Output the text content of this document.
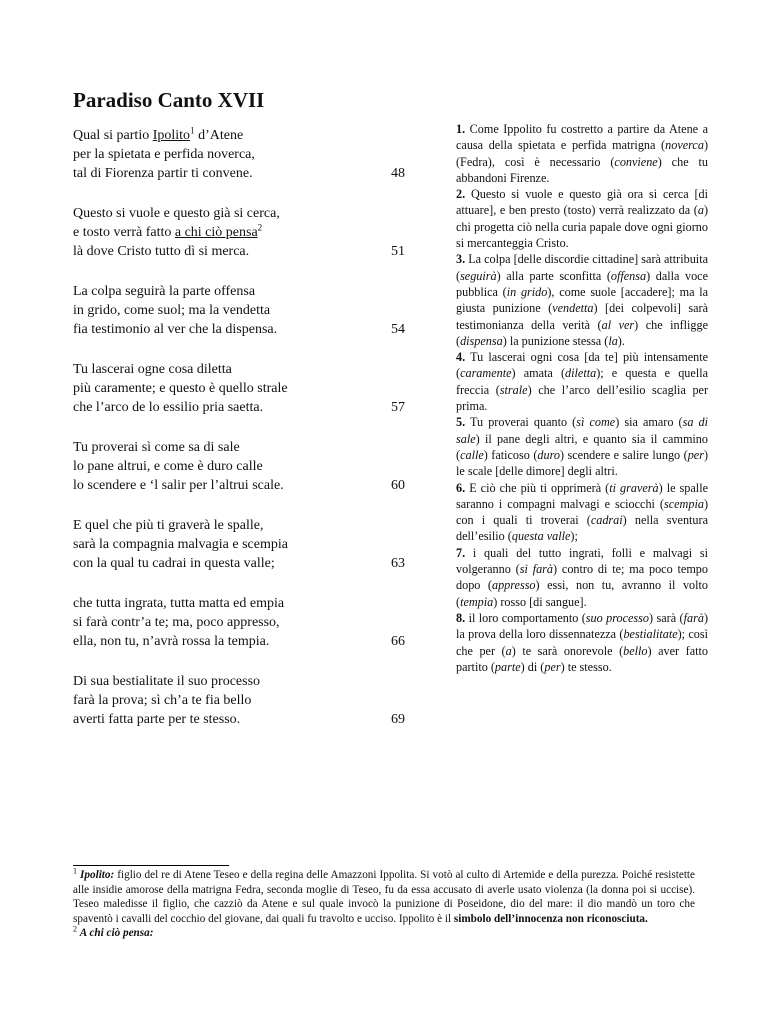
Paradiso Canto XVII
Qual si partio Ipolito$^1$ d’Atene
per la spietata e perfida noverca,
tal di Fiorenza partir ti convene.	48
Questo si vuole e questo già si cerca,
e tosto verrà fatto a chi ciò pensa$^2$
là dove Cristo tutto dì si merca.	51
La colpa seguirà la parte offensa
in grido, come suol; ma la vendetta
fia testimonio al ver che la dispensa.	54
Tu lascerai ogne cosa diletta
più caramente; e questo è quello strale
che l’arco de lo essilio pria saetta.	57
Tu proverai sì come sa di sale
lo pane altrui, e come è duro calle
lo scendere e ‘l salir per l’altrui scale.	60
E quel che più ti graverà le spalle,
sarà la compagnia malvagia e scempia
con la qual tu cadrai in questa valle;	63
che tutta ingrata, tutta matta ed empia
si farà contr’a te; ma, poco appresso,
ella, non tu, n’avrà rossa la tempia.	66
Di sua bestialitate il suo processo
farà la prova; sì ch’a te fia bello
averti fatta parte per te stesso.	69

1. Come Ippolito fu costretto a partire da Atene a causa della spietata e perfida matrigna (noverca) (Fedra), così è necessario (conviene) che tu abbandoni Firenze.

2. Questo si vuole e questo già ora si cerca [di attuare], e ben presto (tosto) verrà realizzato da (a) chi progetta ciò nella curia papale dove ogni giorno si mercanteggia Cristo.

3. La colpa [delle discordie cittadine] sarà attribuita (seguirà) alla parte sconfitta (offensa) dalla voce pubblica (in grido), come suole [accadere]; ma la giusta punizione (vendetta) [dei colpevoli] sarà testimonianza della verità (al ver) che infligge (dispensa) la punizione stessa (la).

4. Tu lascerai ogni cosa [da te] più intensamente (caramente) amata (diletta); e questa e quella freccia (strale) che l’arco dell’esilio scaglia per prima.

5. Tu proverai quanto (sì come) sia amaro (sa di sale) il pane degli altri, e quanto sia il cammino (calle) faticoso (duro) scendere e salire lungo (per) le scale [delle dimore] degli altri.

6. E ciò che più ti opprimerà (ti graverà) le spalle saranno i compagni malvagi e sciocchi (scempia) con i quali ti troverai (cadrai) nella sventura dell’esilio (questa valle);

7. i quali del tutto ingrati, folli e malvagi si volgeranno (si farà) contro di te; ma poco tempo dopo (appresso) essi, non tu, avranno il volto (tempia) rosso [di sangue].

8. il loro comportamento (suo processo) sarà (farà) la prova della loro dissennatezza (bestialitate); così che per (a) te sarà onorevole (bello) aver fatto partito (parte) di (per) te stesso.

$^1$ Ipolito: figlio del re di Atene Teseo e della regina delle Amazzoni Ippolita. Si votò al culto di Artemide e della purezza. Poiché resistette alle insidie amorose della matrigna Fedra, seconda moglie di Teseo, fu da essa accusato di averle usato violenza (la donna poi si uccise). Teseo maledisse il figlio, che cazziò da Atene e sul quale invocò la punizione di Poseidone, dio del mare: il dio mandò un toro che spaventò i cavalli del cocchio del giovane, dai quali fu travolto e ucciso. Ippolito è il simbolo dell’innocenza non riconosciuta.

$^2$ A chi ciò pensa:
